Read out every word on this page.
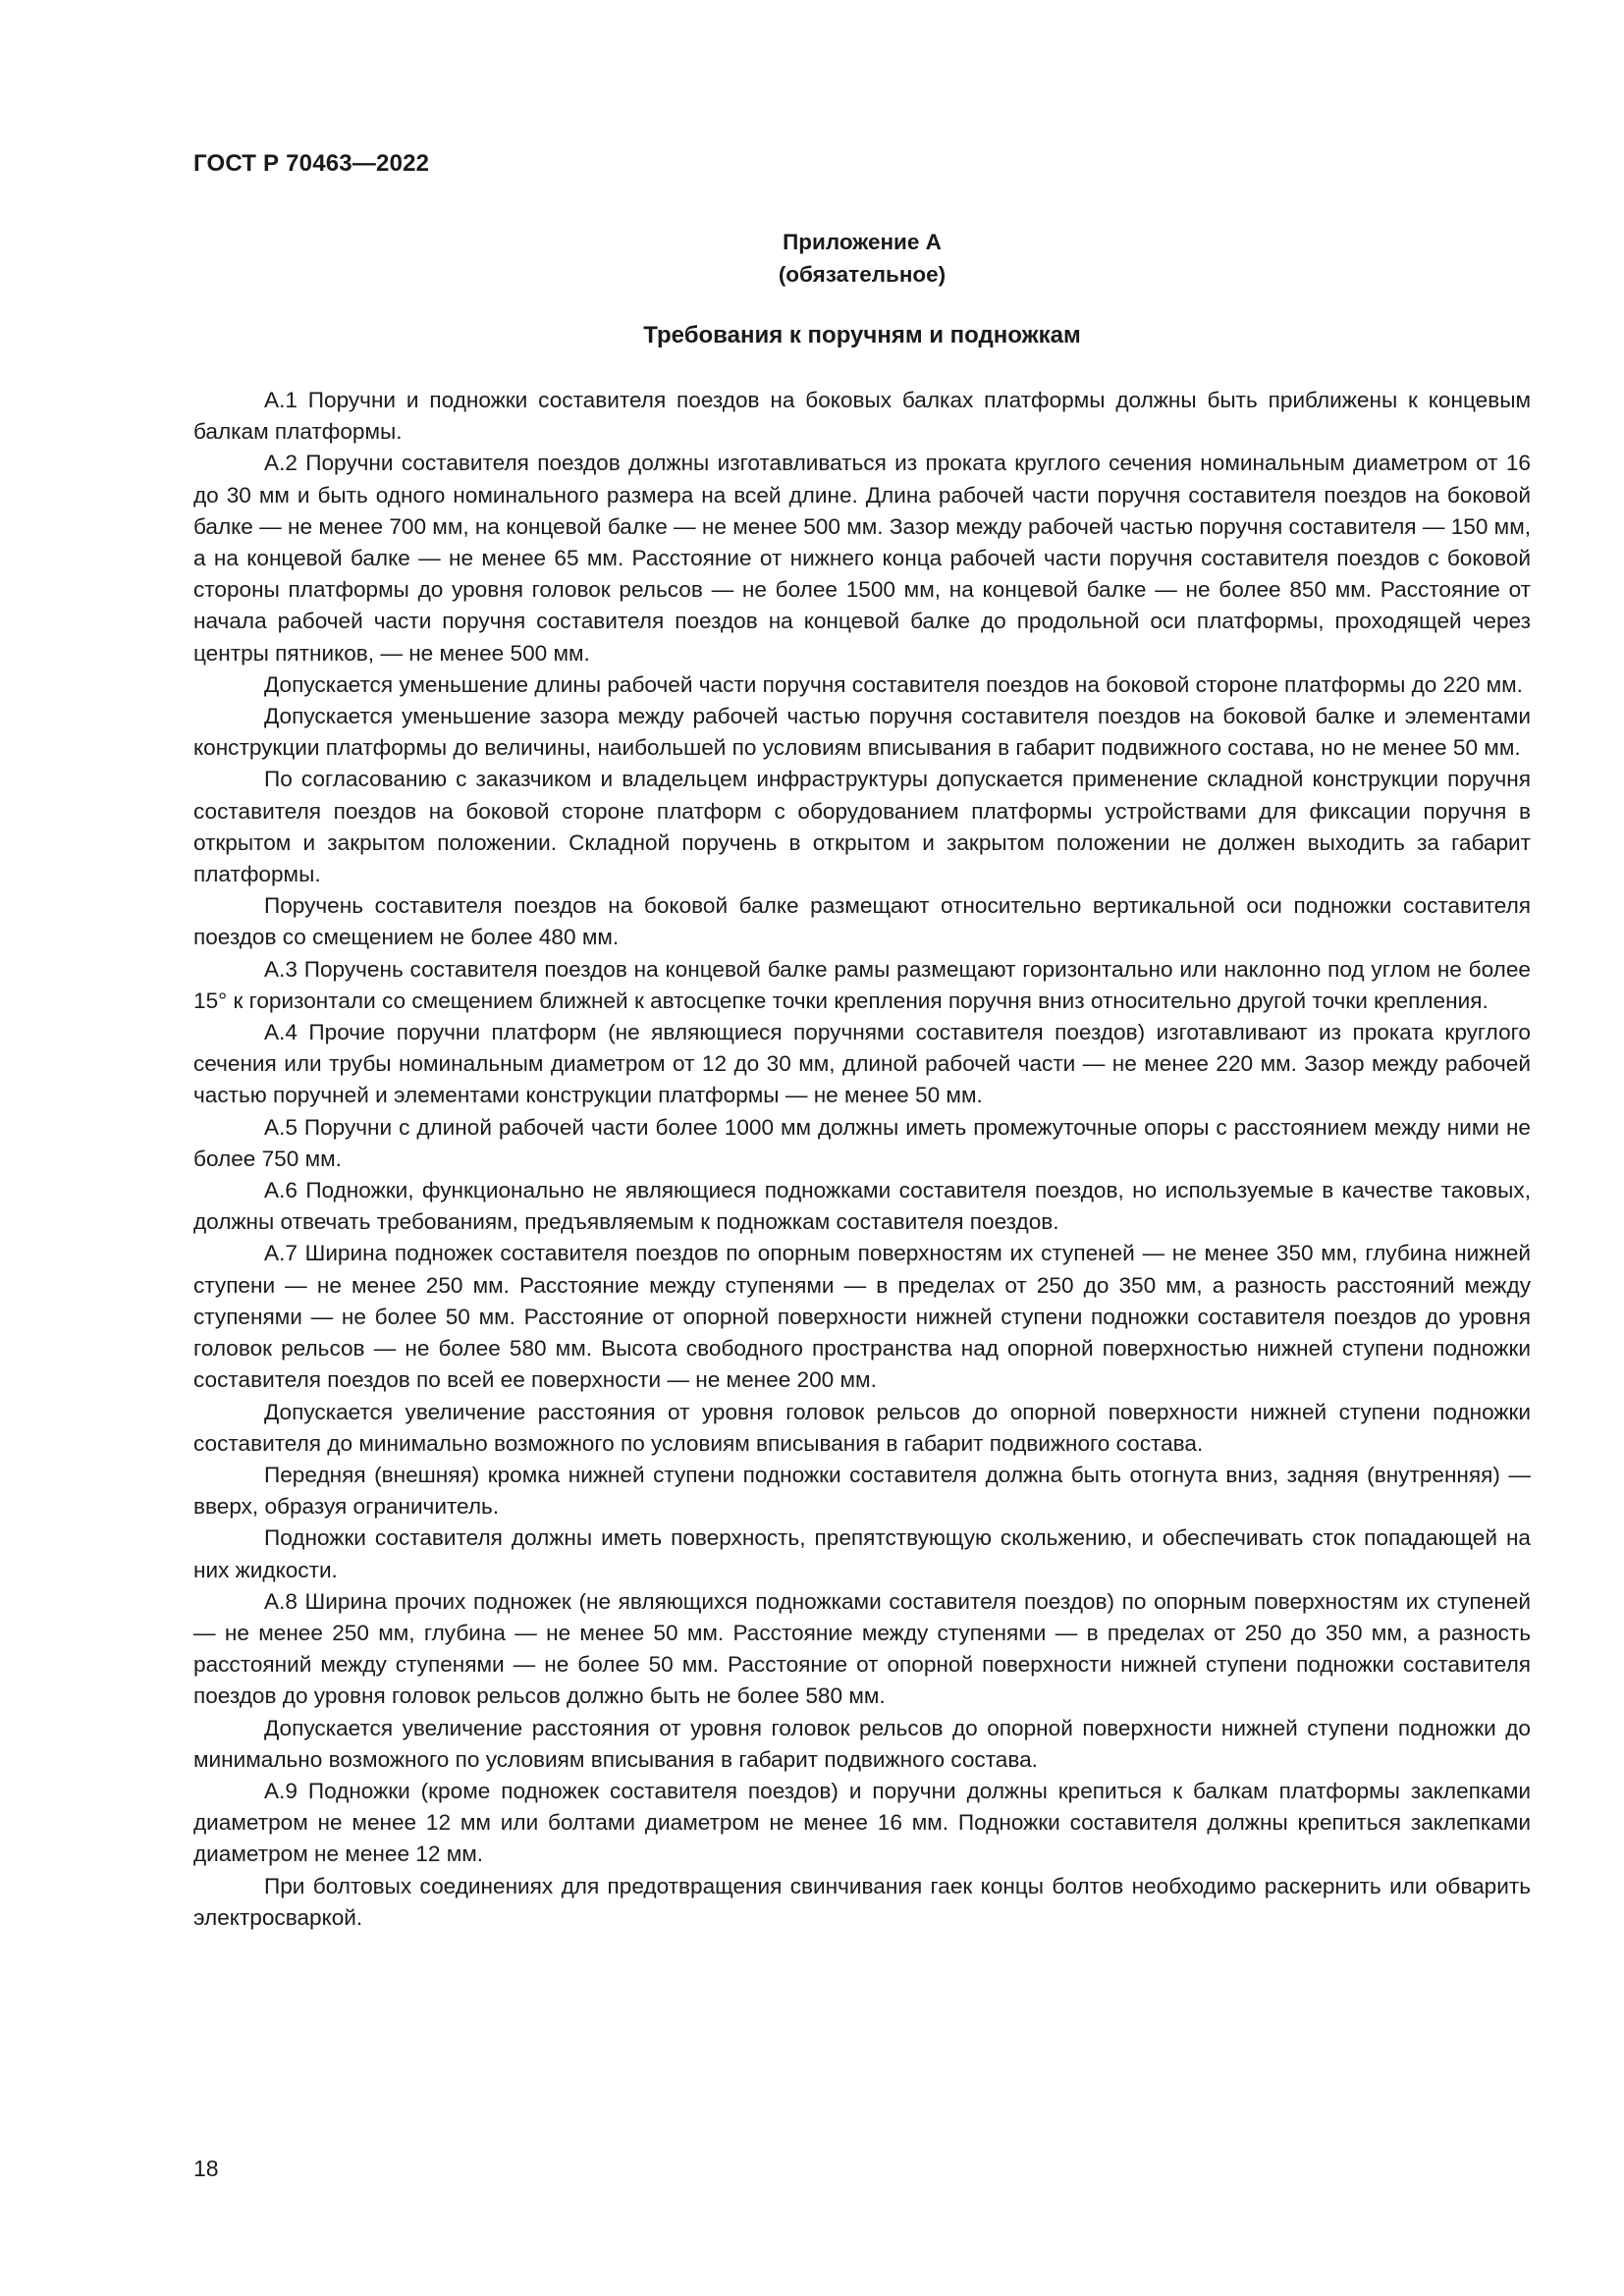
ГОСТ Р 70463—2022
Приложение А
(обязательное)
Требования к поручням и подножкам

А.1 Поручни и подножки составителя поездов на боковых балках платформы должны быть приближены к концевым балкам платформы.

А.2 Поручни составителя поездов должны изготавливаться из проката круглого сечения номинальным диаметром от 16 до 30 мм и быть одного номинального размера на всей длине. Длина рабочей части поручня составителя поездов на боковой балке — не менее 700 мм, на концевой балке — не менее 500 мм. Зазор между рабочей частью поручня составителя — 150 мм, а на концевой балке — не менее 65 мм. Расстояние от нижнего конца рабочей части поручня составителя поездов с боковой стороны платформы до уровня головок рельсов — не более 1500 мм, на концевой балке — не более 850 мм. Расстояние от начала рабочей части поручня составителя поездов на концевой балке до продольной оси платформы, проходящей через центры пятников, — не менее 500 мм.

Допускается уменьшение длины рабочей части поручня составителя поездов на боковой стороне платформы до 220 мм.

Допускается уменьшение зазора между рабочей частью поручня составителя поездов на боковой балке и элементами конструкции платформы до величины, наибольшей по условиям вписывания в габарит подвижного состава, но не менее 50 мм.

По согласованию с заказчиком и владельцем инфраструктуры допускается применение складной конструкции поручня составителя поездов на боковой стороне платформ с оборудованием платформы устройствами для фиксации поручня в открытом и закрытом положении. Складной поручень в открытом и закрытом положении не должен выходить за габарит платформы.

Поручень составителя поездов на боковой балке размещают относительно вертикальной оси подножки составителя поездов со смещением не более 480 мм.

А.3 Поручень составителя поездов на концевой балке рамы размещают горизонтально или наклонно под углом не более 15° к горизонтали со смещением ближней к автосцепке точки крепления поручня вниз относительно другой точки крепления.

А.4 Прочие поручни платформ (не являющиеся поручнями составителя поездов) изготавливают из проката круглого сечения или трубы номинальным диаметром от 12 до 30 мм, длиной рабочей части — не менее 220 мм. Зазор между рабочей частью поручней и элементами конструкции платформы — не менее 50 мм.

А.5 Поручни с длиной рабочей части более 1000 мм должны иметь промежуточные опоры с расстоянием между ними не более 750 мм.

А.6 Подножки, функционально не являющиеся подножками составителя поездов, но используемые в качестве таковых, должны отвечать требованиям, предъявляемым к подножкам составителя поездов.

А.7 Ширина подножек составителя поездов по опорным поверхностям их ступеней — не менее 350 мм, глубина нижней ступени — не менее 250 мм. Расстояние между ступенями — в пределах от 250 до 350 мм, а разность расстояний между ступенями — не более 50 мм. Расстояние от опорной поверхности нижней ступени подножки составителя поездов до уровня головок рельсов — не более 580 мм. Высота свободного пространства над опорной поверхностью нижней ступени подножки составителя поездов по всей ее поверхности — не менее 200 мм.

Допускается увеличение расстояния от уровня головок рельсов до опорной поверхности нижней ступени подножки составителя до минимально возможного по условиям вписывания в габарит подвижного состава.

Передняя (внешняя) кромка нижней ступени подножки составителя должна быть отогнута вниз, задняя (внутренняя) — вверх, образуя ограничитель.

Подножки составителя должны иметь поверхность, препятствующую скольжению, и обеспечивать сток попадающей на них жидкости.

А.8 Ширина прочих подножек (не являющихся подножками составителя поездов) по опорным поверхностям их ступеней — не менее 250 мм, глубина — не менее 50 мм. Расстояние между ступенями — в пределах от 250 до 350 мм, а разность расстояний между ступенями — не более 50 мм. Расстояние от опорной поверхности нижней ступени подножки составителя поездов до уровня головок рельсов должно быть не более 580 мм.

Допускается увеличение расстояния от уровня головок рельсов до опорной поверхности нижней ступени подножки до минимально возможного по условиям вписывания в габарит подвижного состава.

А.9 Подножки (кроме подножек составителя поездов) и поручни должны крепиться к балкам платформы заклепками диаметром не менее 12 мм или болтами диаметром не менее 16 мм. Подножки составителя должны крепиться заклепками диаметром не менее 12 мм.

При болтовых соединениях для предотвращения свинчивания гаек концы болтов необходимо раскернить или обварить электросваркой.

18
